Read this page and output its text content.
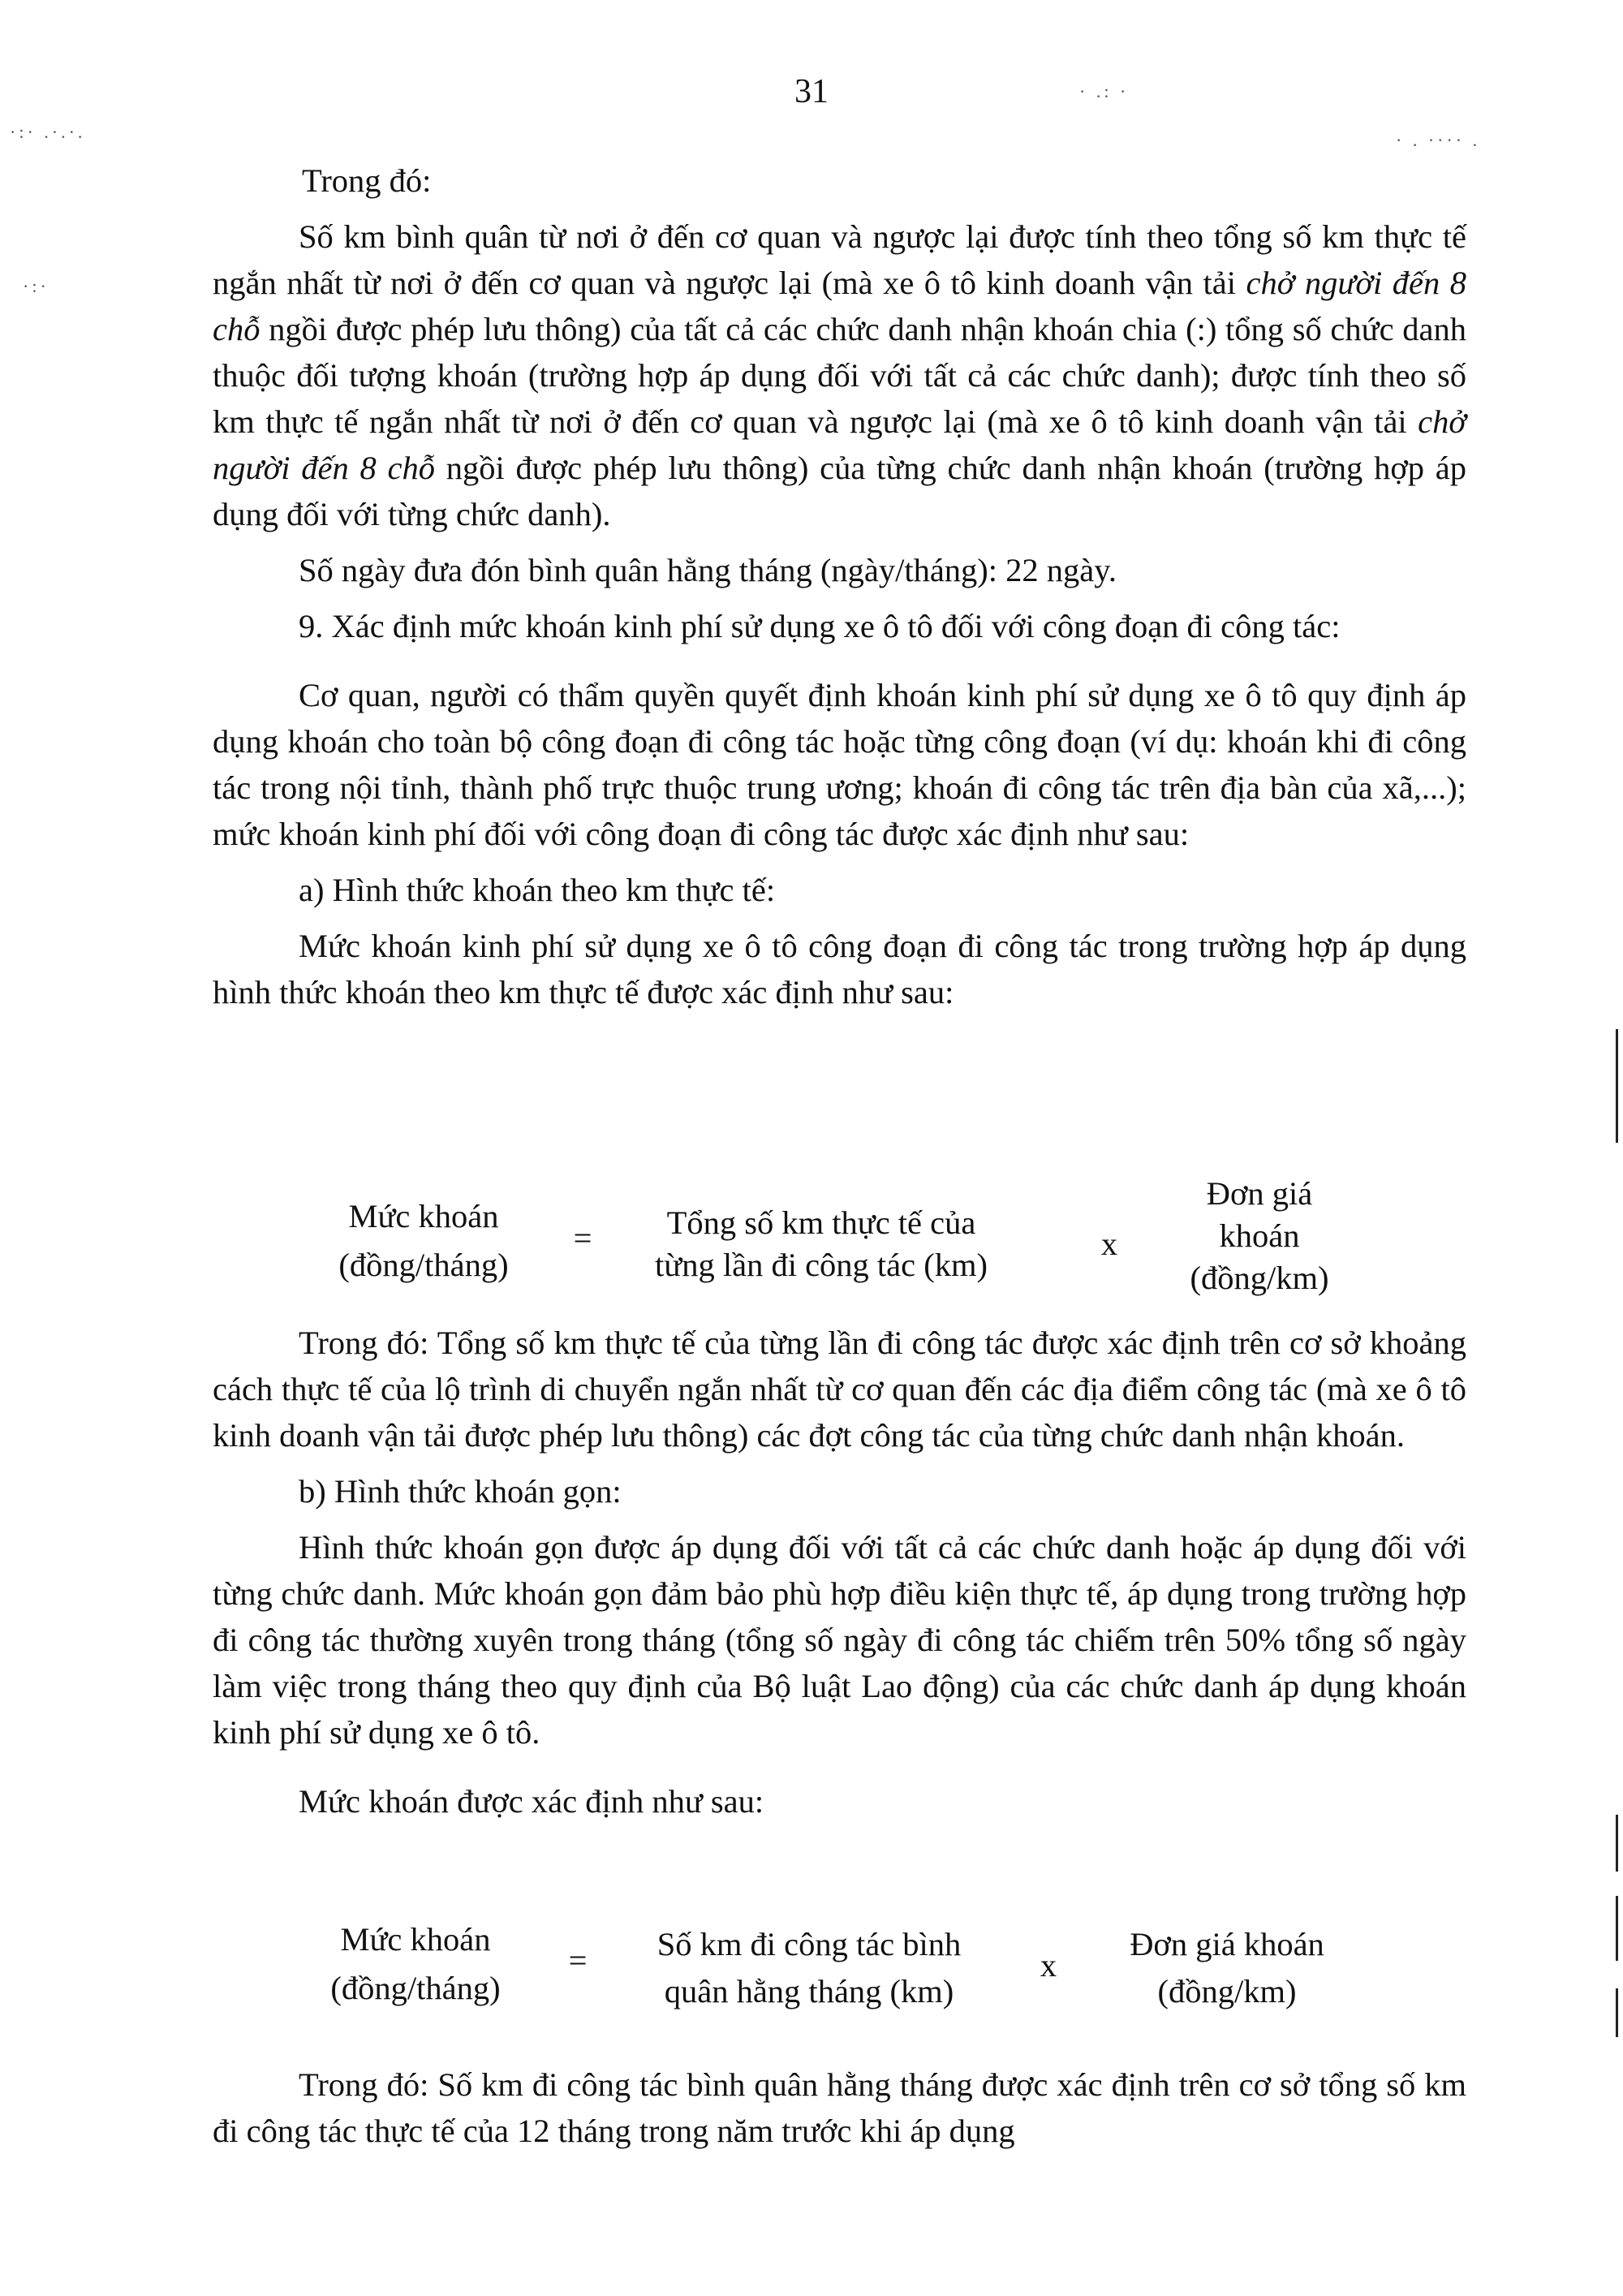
·:· .·.·.
·:·
· .: ·
· . ···· .
31

Trong đó:

Số km bình quân từ nơi ở đến cơ quan và ngược lại được tính theo tổng số km thực tế ngắn nhất từ nơi ở đến cơ quan và ngược lại (mà xe ô tô kinh doanh vận tải chở người đến 8 chỗ ngồi được phép lưu thông) của tất cả các chức danh nhận khoán chia (:) tổng số chức danh thuộc đối tượng khoán (trường hợp áp dụng đối với tất cả các chức danh); được tính theo số km thực tế ngắn nhất từ nơi ở đến cơ quan và ngược lại (mà xe ô tô kinh doanh vận tải chở người đến 8 chỗ ngồi được phép lưu thông) của từng chức danh nhận khoán (trường hợp áp dụng đối với từng chức danh).

Số ngày đưa đón bình quân hằng tháng (ngày/tháng): 22 ngày.

9. Xác định mức khoán kinh phí sử dụng xe ô tô đối với công đoạn đi công tác:

Cơ quan, người có thẩm quyền quyết định khoán kinh phí sử dụng xe ô tô quy định áp dụng khoán cho toàn bộ công đoạn đi công tác hoặc từng công đoạn (ví dụ: khoán khi đi công tác trong nội tỉnh, thành phố trực thuộc trung ương; khoán đi công tác trên địa bàn của xã,...); mức khoán kinh phí đối với công đoạn đi công tác được xác định như sau:

a) Hình thức khoán theo km thực tế:

Mức khoán kinh phí sử dụng xe ô tô công đoạn đi công tác trong trường hợp áp dụng hình thức khoán theo km thực tế được xác định như sau:

Mức khoán
(đồng/tháng)
=	Tổng số km thực tế của
từng lần đi công tác (km)
x
Đơn giá
khoán
(đồng/km)

Trong đó: Tổng số km thực tế của từng lần đi công tác được xác định trên cơ sở khoảng cách thực tế của lộ trình di chuyển ngắn nhất từ cơ quan đến các địa điểm công tác (mà xe ô tô kinh doanh vận tải được phép lưu thông) các đợt công tác của từng chức danh nhận khoán.

b) Hình thức khoán gọn:

Hình thức khoán gọn được áp dụng đối với tất cả các chức danh hoặc áp dụng đối với từng chức danh. Mức khoán gọn đảm bảo phù hợp điều kiện thực tế, áp dụng trong trường hợp đi công tác thường xuyên trong tháng (tổng số ngày đi công tác chiếm trên 50% tổng số ngày làm việc trong tháng theo quy định của Bộ luật Lao động) của các chức danh áp dụng khoán kinh phí sử dụng xe ô tô.

Mức khoán được xác định như sau:

Mức khoán
(đồng/tháng)
=	Số km đi công tác bình
quân hằng tháng (km)
x
Đơn giá khoán
(đồng/km)

Trong đó: Số km đi công tác bình quân hằng tháng được xác định trên cơ sở tổng số km đi công tác thực tế của 12 tháng trong năm trước khi áp dụng
